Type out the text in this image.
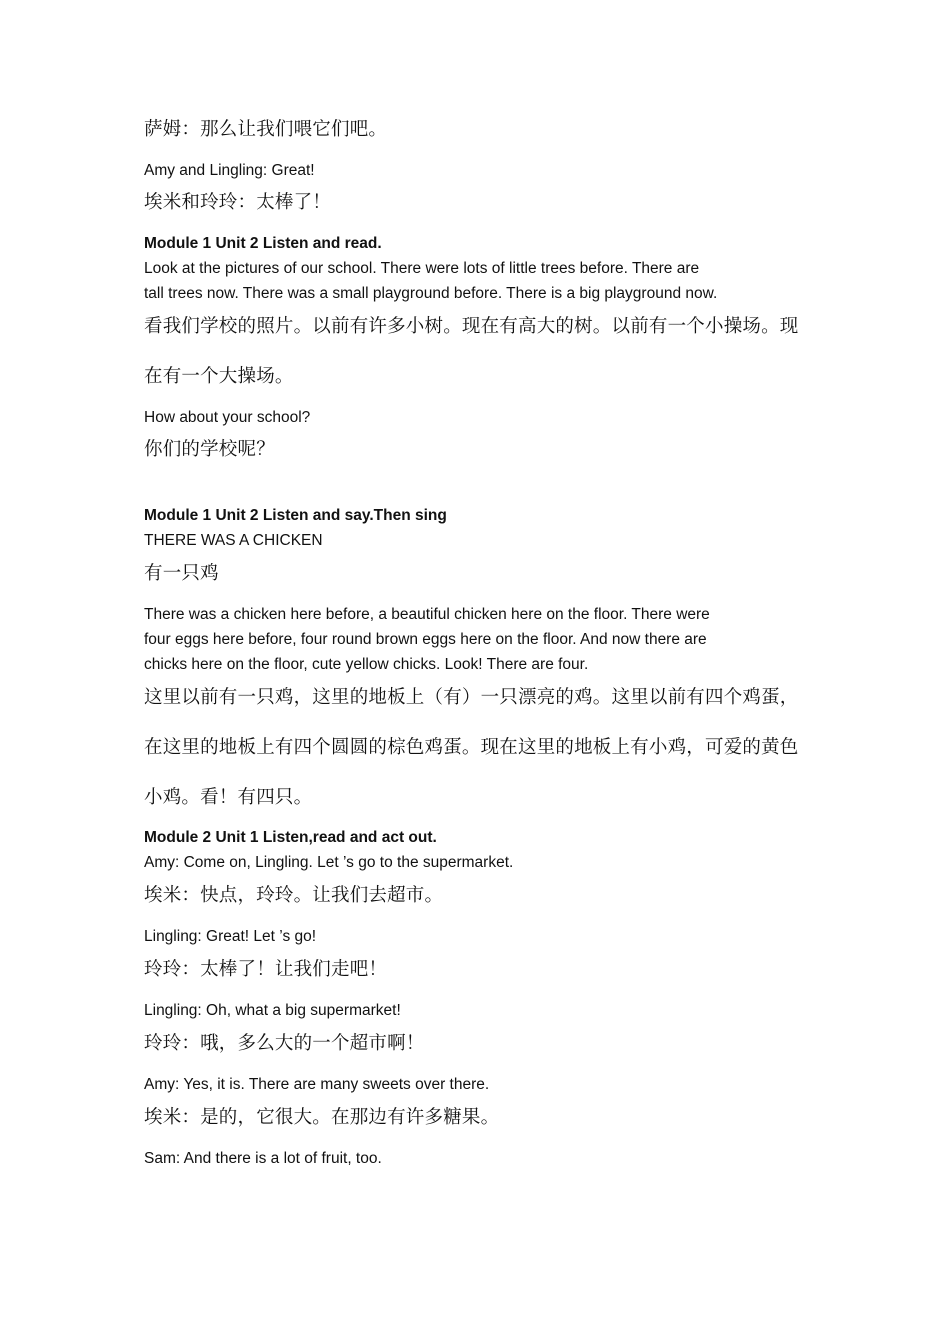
萨姆：那么让我们喂它们吧。

Amy and Lingling: Great!

埃米和玲玲：太棒了！

Module 1 Unit 2 Listen and read.

Look at the pictures of our school. There were lots of little trees before. There are

tall trees now. There was a small playground before. There is a big playground now.

看我们学校的照片。以前有许多小树。现在有高大的树。以前有一个小操场。现

在有一个大操场。

How about your school?

你们的学校呢？

Module 1 Unit 2 Listen and say.Then sing

THERE WAS A CHICKEN

有一只鸡

There was a chicken here before, a beautiful chicken here on the floor. There were

four eggs here before, four round brown eggs here on the floor. And now there are

chicks here on the floor, cute yellow chicks. Look! There are four.

这里以前有一只鸡，这里的地板上（有）一只漂亮的鸡。这里以前有四个鸡蛋，

在这里的地板上有四个圆圆的棕色鸡蛋。现在这里的地板上有小鸡，可爱的黄色

小鸡。看！有四只。

Module 2 Unit 1 Listen,read and act out.

Amy: Come on, Lingling. Let ’s go to the supermarket.

埃米：快点，玲玲。让我们去超市。

Lingling: Great! Let ’s go!

玲玲：太棒了！让我们走吧！

Lingling: Oh, what a big supermarket!

玲玲：哦，多么大的一个超市啊！

Amy: Yes, it is. There are many sweets over there.

埃米：是的，它很大。在那边有许多糖果。

Sam: And there is a lot of fruit, too.
